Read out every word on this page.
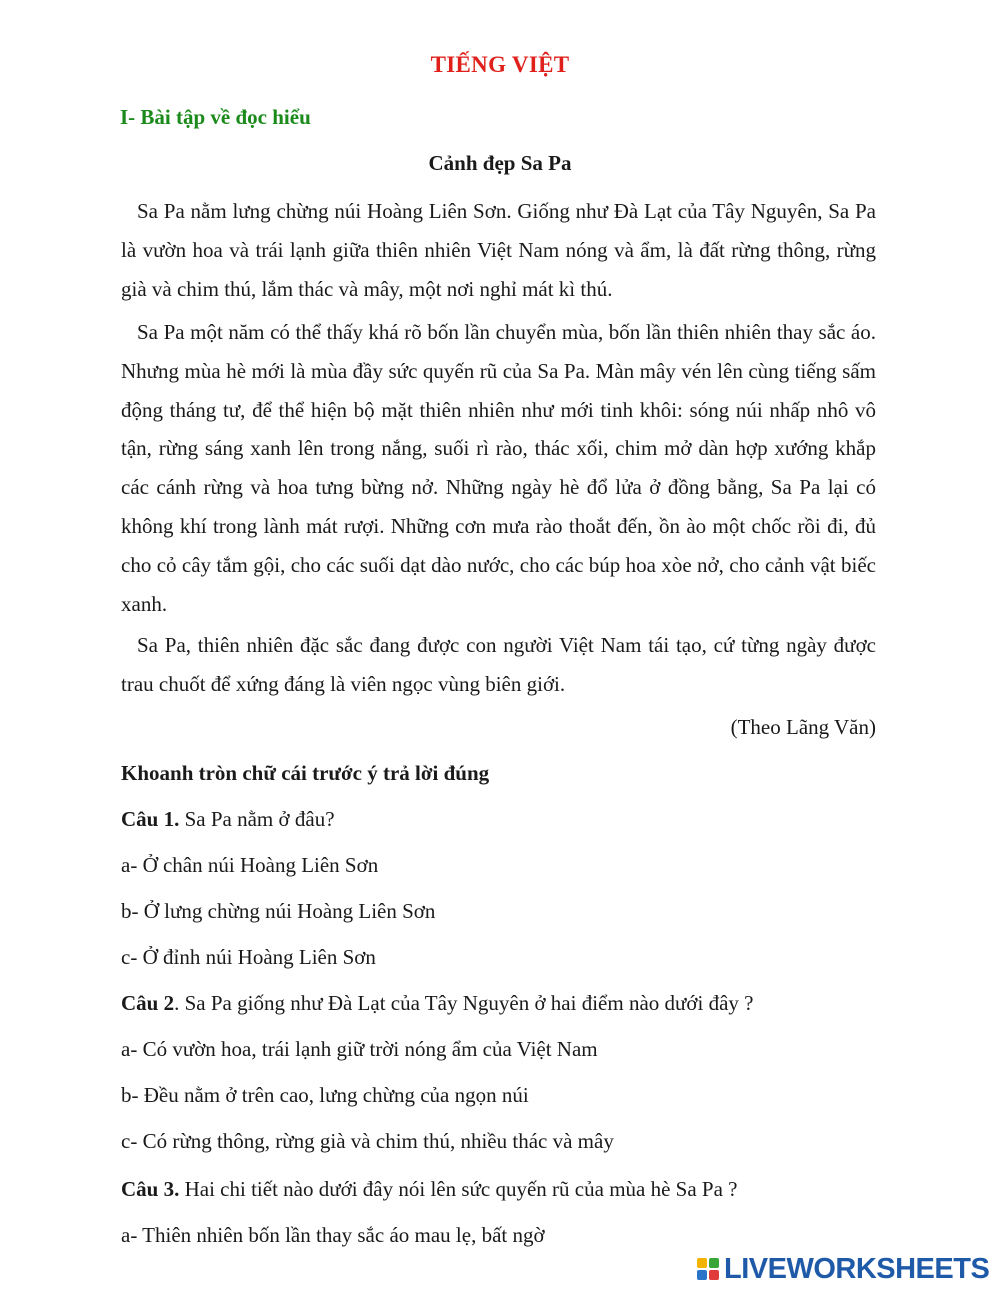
TIẾNG VIỆT
I- Bài tập về đọc hiểu
Cảnh đẹp Sa Pa

Sa Pa nằm lưng chừng núi Hoàng Liên Sơn. Giống như Đà Lạt của Tây Nguyên, Sa Pa là vườn hoa và trái lạnh giữa thiên nhiên Việt Nam nóng và ẩm, là đất rừng thông, rừng già và chim thú, lắm thác và mây, một nơi nghỉ mát kì thú.

Sa Pa một năm có thể thấy khá rõ bốn lần chuyển mùa, bốn lần thiên nhiên thay sắc áo. Nhưng mùa hè mới là mùa đầy sức quyến rũ của Sa Pa. Màn mây vén lên cùng tiếng sấm động tháng tư, để thể hiện bộ mặt thiên nhiên như mới tinh khôi: sóng núi nhấp nhô vô tận, rừng sáng xanh lên trong nắng, suối rì rào, thác xối, chim mở dàn hợp xướng khắp các cánh rừng và hoa tưng bừng nở. Những ngày hè đổ lửa ở đồng bằng, Sa Pa lại có không khí trong lành mát rượi. Những cơn mưa rào thoắt đến, ồn ào một chốc rồi đi, đủ cho cỏ cây tắm gội, cho các suối dạt dào nước, cho các búp hoa xòe nở, cho cảnh vật biếc xanh.

Sa Pa, thiên nhiên đặc sắc đang được con người Việt Nam tái tạo, cứ từng ngày được trau chuốt để xứng đáng là viên ngọc vùng biên giới.

(Theo Lãng Văn)
Khoanh tròn chữ cái trước ý trả lời đúng
Câu 1. Sa Pa nằm ở đâu?
a- Ở chân núi Hoàng Liên Sơn
b- Ở lưng chừng núi Hoàng Liên Sơn
c- Ở đỉnh núi Hoàng Liên Sơn
Câu 2. Sa Pa giống như Đà Lạt của Tây Nguyên ở hai điểm nào dưới đây ?
a- Có vườn hoa, trái lạnh giữ trời nóng ẩm của Việt Nam
b- Đều nằm ở trên cao, lưng chừng của ngọn núi
c- Có rừng thông, rừng già và chim thú, nhiều thác và mây
Câu 3. Hai chi tiết nào dưới đây nói lên sức quyến rũ của mùa hè Sa Pa ?
a- Thiên nhiên bốn lần thay sắc áo mau lẹ, bất ngờ
LIVEWORKSHEETS
